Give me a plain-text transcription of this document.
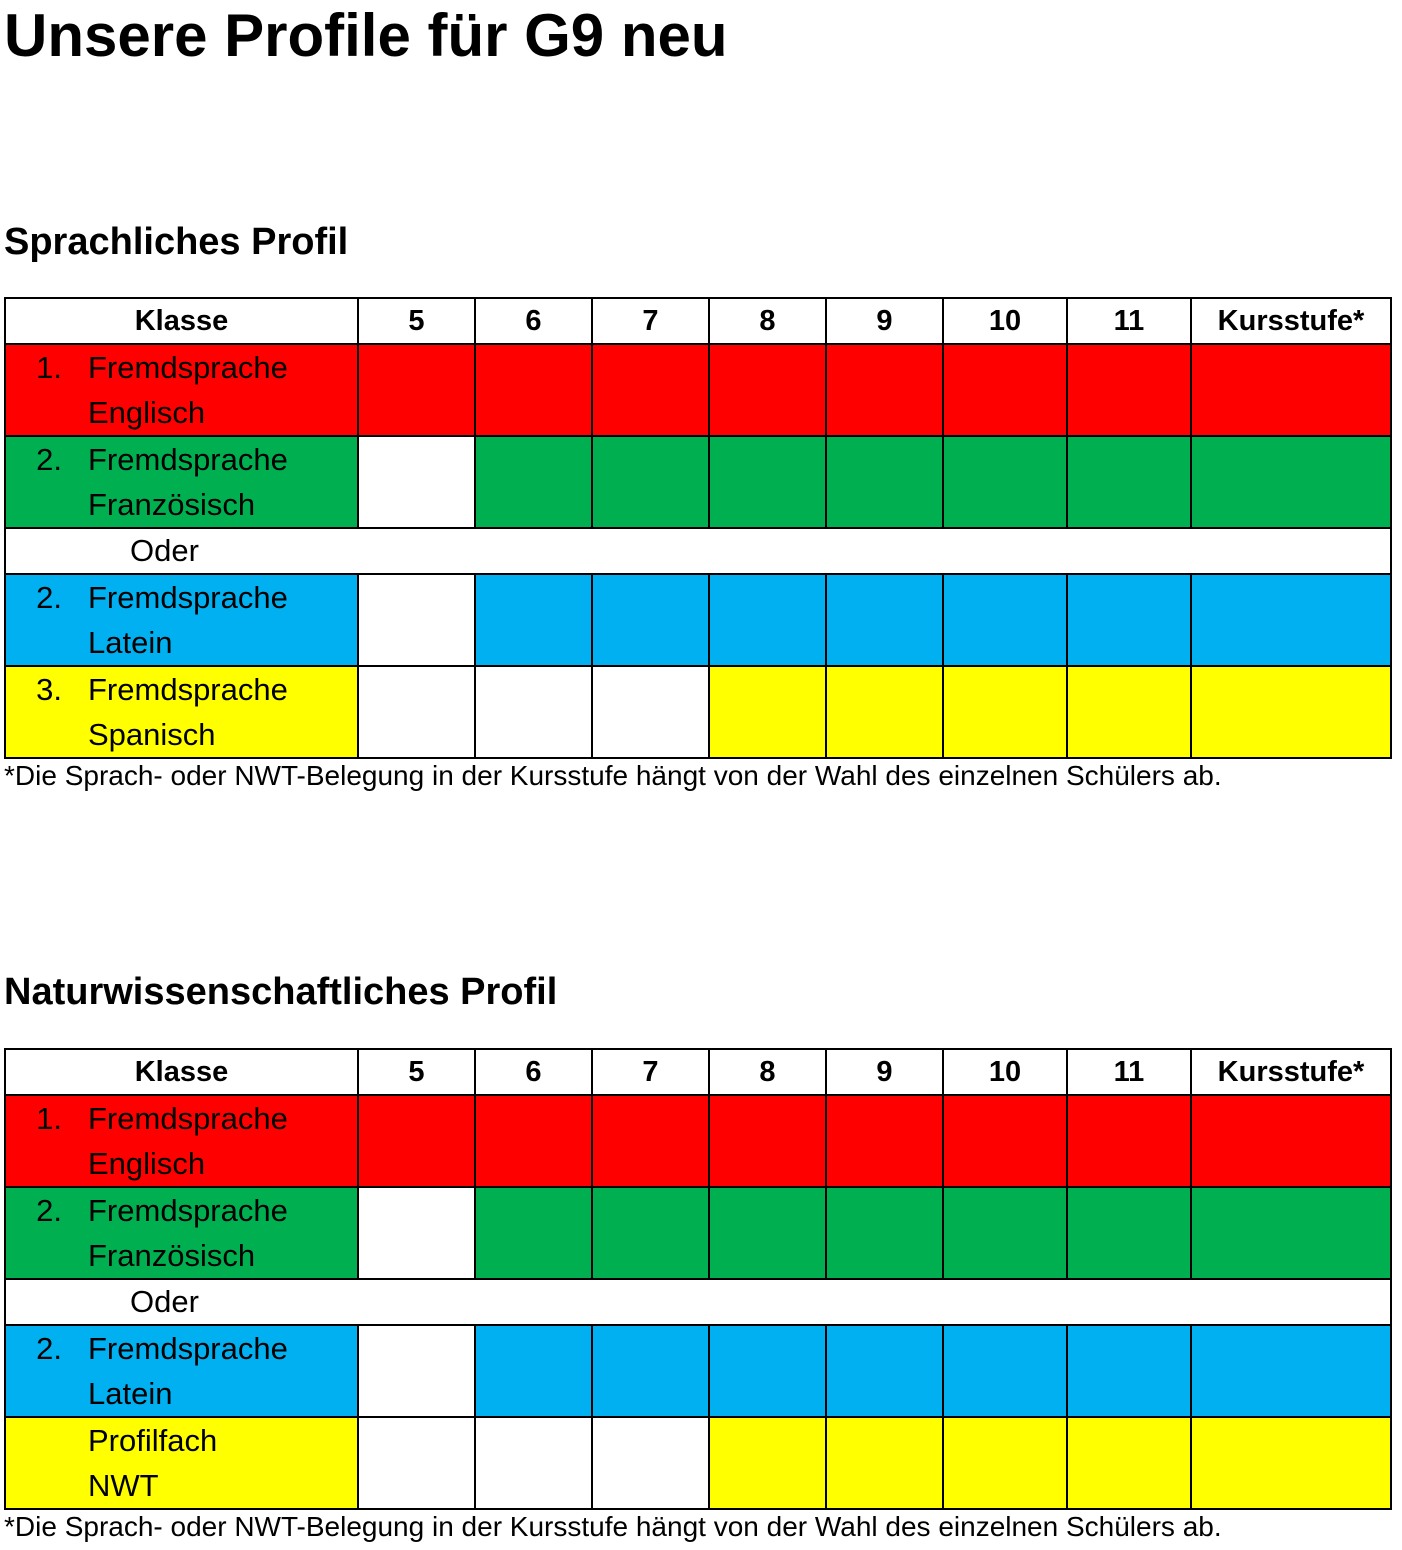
Unsere Profile für G9 neu
Sprachliches Profil
Klasse	5	6	7	8	9	10	11	Kursstufe*

1. Fremdsprache
Englisch								

2. Fremdsprache
Französisch								

Oder								

2. Fremdsprache
Latein								

3. Fremdsprache
Spanisch								

*Die Sprach- oder NWT-Belegung in der Kursstufe hängt von der Wahl des einzelnen Schülers ab.

Naturwissenschaftliches Profil
Klasse	5	6	7	8	9	10	11	Kursstufe*

1. Fremdsprache
Englisch								

2. Fremdsprache
Französisch								

Oder								

2. Fremdsprache
Latein								

Profilfach
NWT								

*Die Sprach- oder NWT-Belegung in der Kursstufe hängt von der Wahl des einzelnen Schülers ab.
